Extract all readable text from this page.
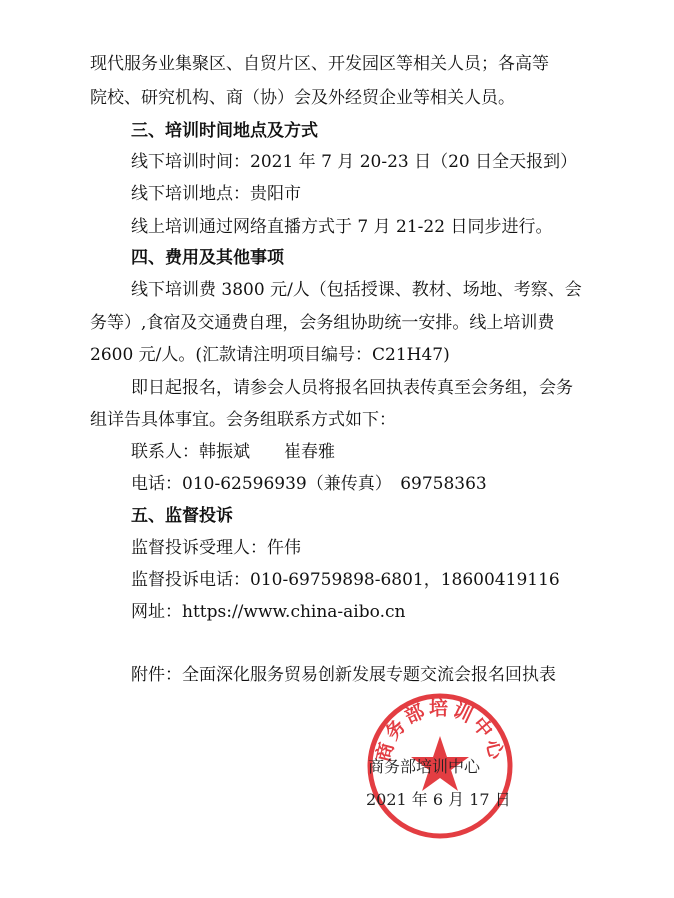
现代服务业集聚区、自贸片区、开发园区等相关人员；各高等
院校、研究机构、商（协）会及外经贸企业等相关人员。
三、培训时间地点及方式
线下培训时间：2021 年 7 月 20-23 日（20 日全天报到）
线下培训地点：贵阳市
线上培训通过网络直播方式于 7 月 21-22 日同步进行。
四、费用及其他事项
线下培训费 3800 元/人（包括授课、教材、场地、考察、会
务等）,食宿及交通费自理，会务组协助统一安排。线上培训费
2600 元/人。(汇款请注明项目编号：C21H47)
即日起报名，请参会人员将报名回执表传真至会务组，会务
组详告具体事宜。会务组联系方式如下：
联系人：韩振斌　　崔春雅
电话：010-62596939（兼传真）　69758363
五、监督投诉
监督投诉受理人：仵伟
监督投诉电话：010-69759898-6801，18600419116
网址：https://www.china-aibo.cn
附件：全面深化服务贸易创新发展专题交流会报名回执表
商务部培训中心
商务部培训中心
2021 年 6 月 17 日
